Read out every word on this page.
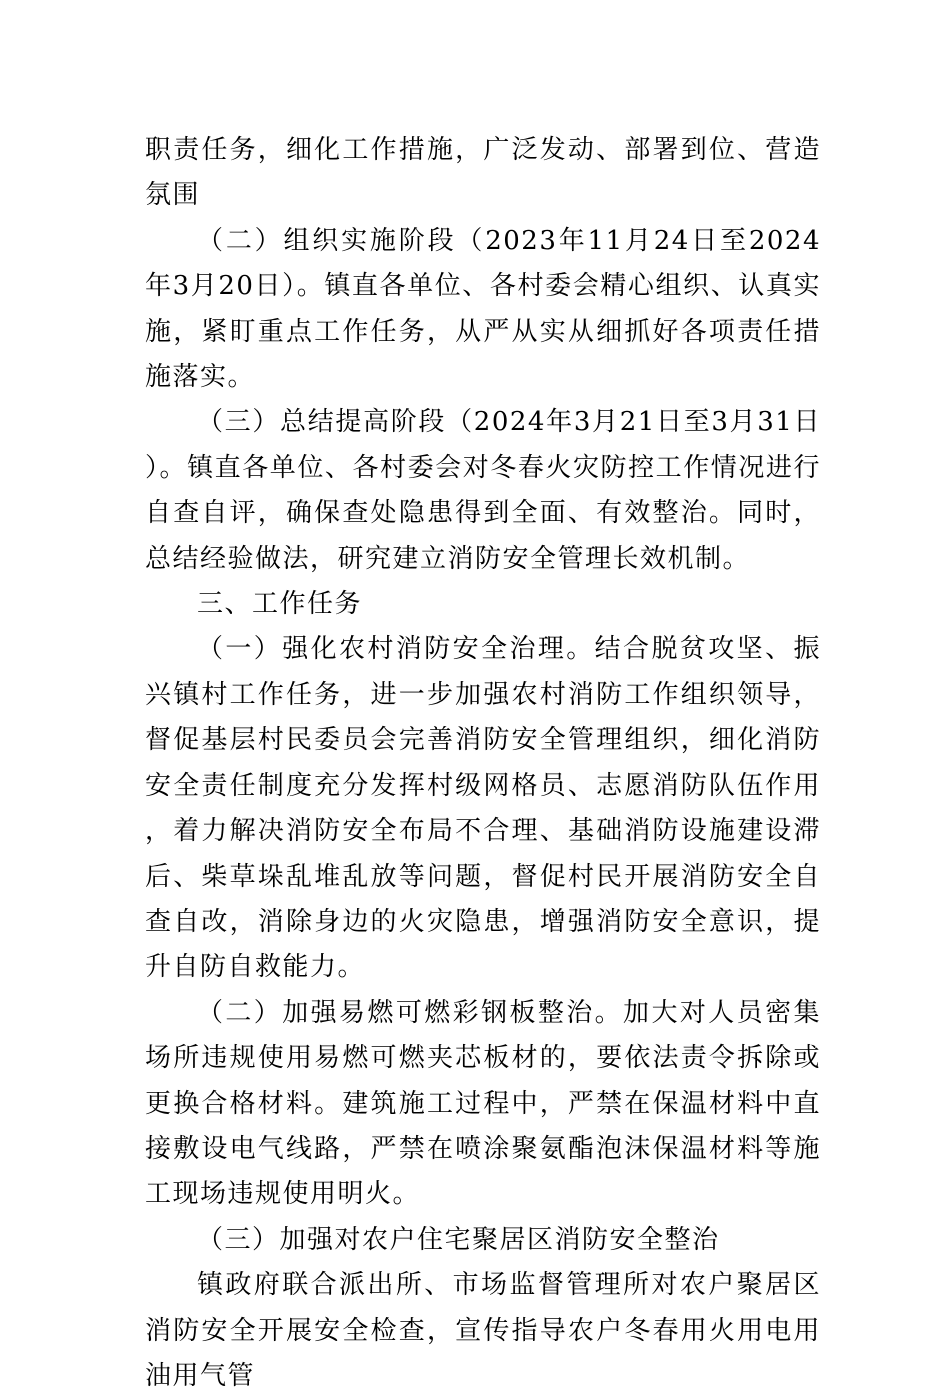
职责任务，细化工作措施，广泛发动、部署到位、营造氛围

（二）组织实施阶段（2023年11月24日至2024年3月20日）。镇直各单位、各村委会精心组织、认真实施，紧盯重点工作任务，从严从实从细抓好各项责任措施落实。

（三）总结提高阶段（2024年3月21日至3月31日）。镇直各单位、各村委会对冬春火灾防控工作情况进行自查自评，确保查处隐患得到全面、有效整治。同时，总结经验做法，研究建立消防安全管理长效机制。

三、工作任务

（一）强化农村消防安全治理。结合脱贫攻坚、振兴镇村工作任务，进一步加强农村消防工作组织领导，督促基层村民委员会完善消防安全管理组织，细化消防安全责任制度充分发挥村级网格员、志愿消防队伍作用，着力解决消防安全布局不合理、基础消防设施建设滞后、柴草垛乱堆乱放等问题，督促村民开展消防安全自查自改，消除身边的火灾隐患，增强消防安全意识，提升自防自救能力。

（二）加强易燃可燃彩钢板整治。加大对人员密集场所违规使用易燃可燃夹芯板材的，要依法责令拆除或更换合格材料。建筑施工过程中，严禁在保温材料中直接敷设电气线路，严禁在喷涂聚氨酯泡沫保温材料等施工现场违规使用明火。

（三）加强对农户住宅聚居区消防安全整治

镇政府联合派出所、市场监督管理所对农户聚居区消防安全开展安全检查，宣传指导农户冬春用火用电用油用气管
